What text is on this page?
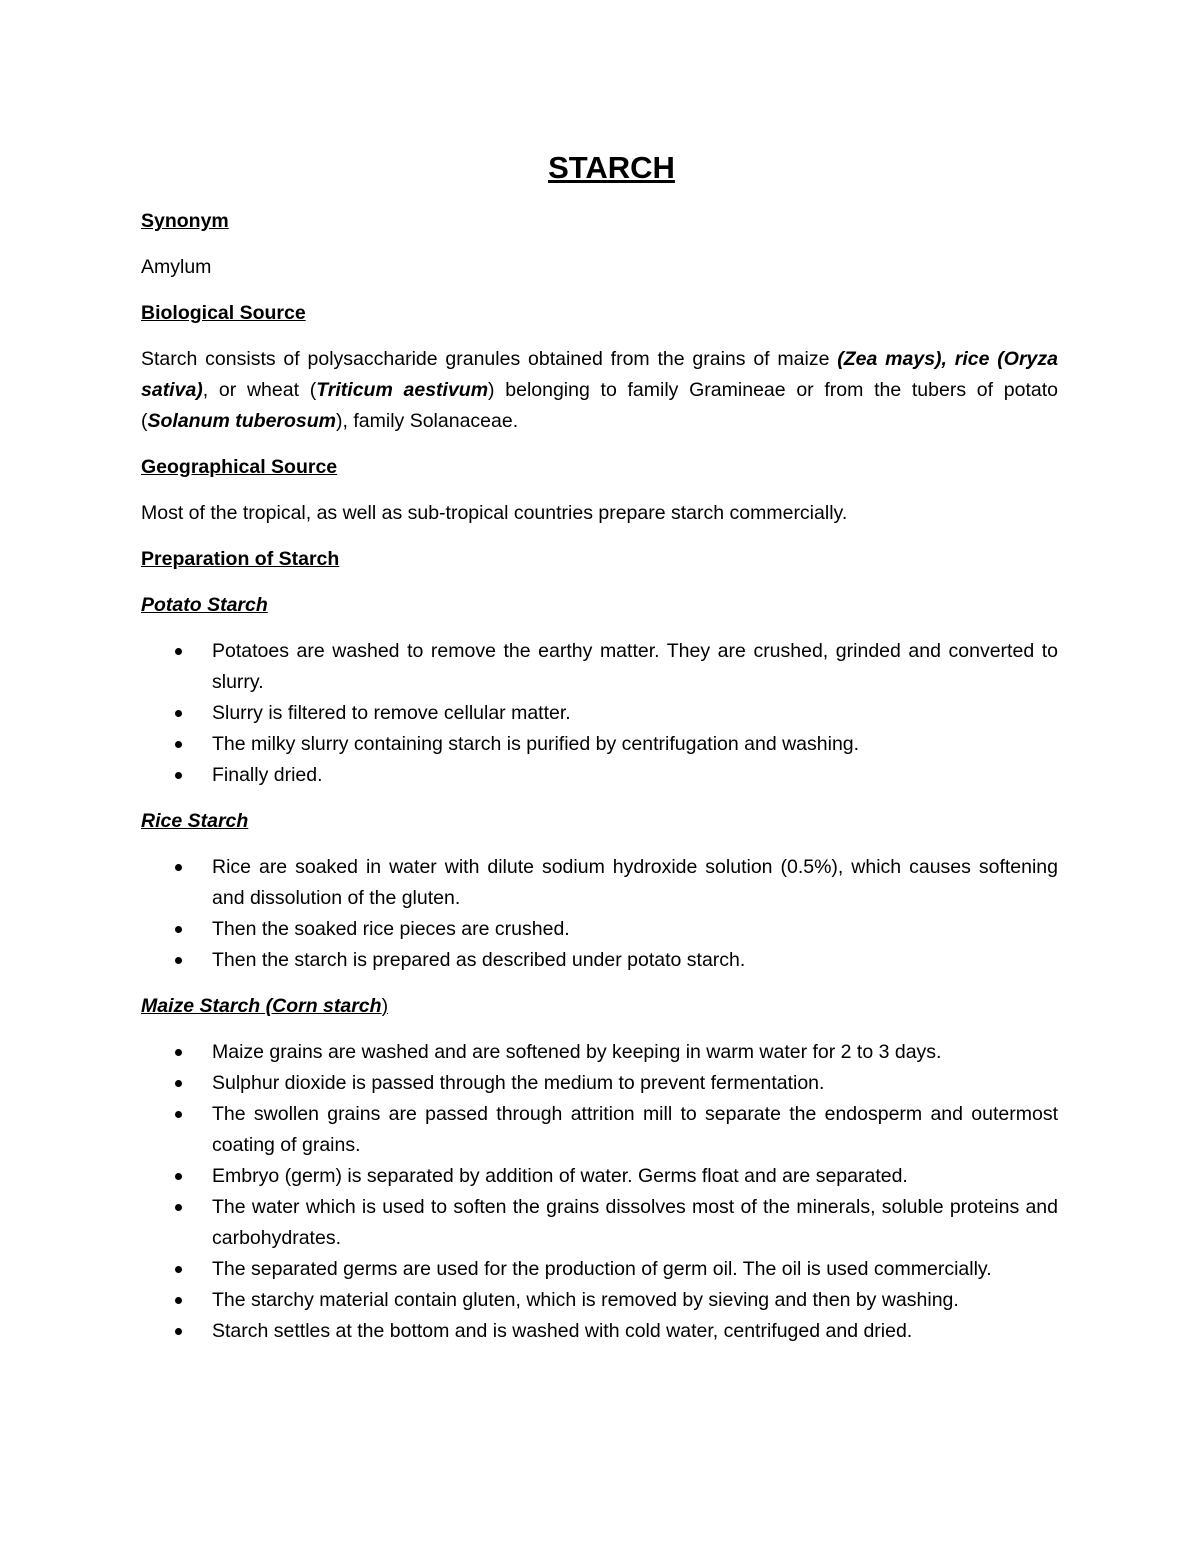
STARCH
Synonym
Amylum
Biological Source
Starch consists of polysaccharide granules obtained from the grains of maize (Zea mays), rice (Oryza sativa), or wheat (Triticum aestivum) belonging to family Gramineae or from the tubers of potato (Solanum tuberosum), family Solanaceae.
Geographical Source
Most of the tropical, as well as sub-tropical countries prepare starch commercially.
Preparation of Starch
Potato Starch
Potatoes are washed to remove the earthy matter. They are crushed, grinded and converted to slurry.
Slurry is filtered to remove cellular matter.
The milky slurry containing starch is purified by centrifugation and washing.
Finally dried.
Rice Starch
Rice are soaked in water with dilute sodium hydroxide solution (0.5%), which causes softening and dissolution of the gluten.
Then the soaked rice pieces are crushed.
Then the starch is prepared as described under potato starch.
Maize Starch (Corn starch)
Maize grains are washed and are softened by keeping in warm water for 2 to 3 days.
Sulphur dioxide is passed through the medium to prevent fermentation.
The swollen grains are passed through attrition mill to separate the endosperm and outermost coating of grains.
Embryo (germ) is separated by addition of water. Germs float and are separated.
The water which is used to soften the grains dissolves most of the minerals, soluble proteins and carbohydrates.
The separated germs are used for the production of germ oil. The oil is used commercially.
The starchy material contain gluten, which is removed by sieving and then by washing.
Starch settles at the bottom and is washed with cold water, centrifuged and dried.
